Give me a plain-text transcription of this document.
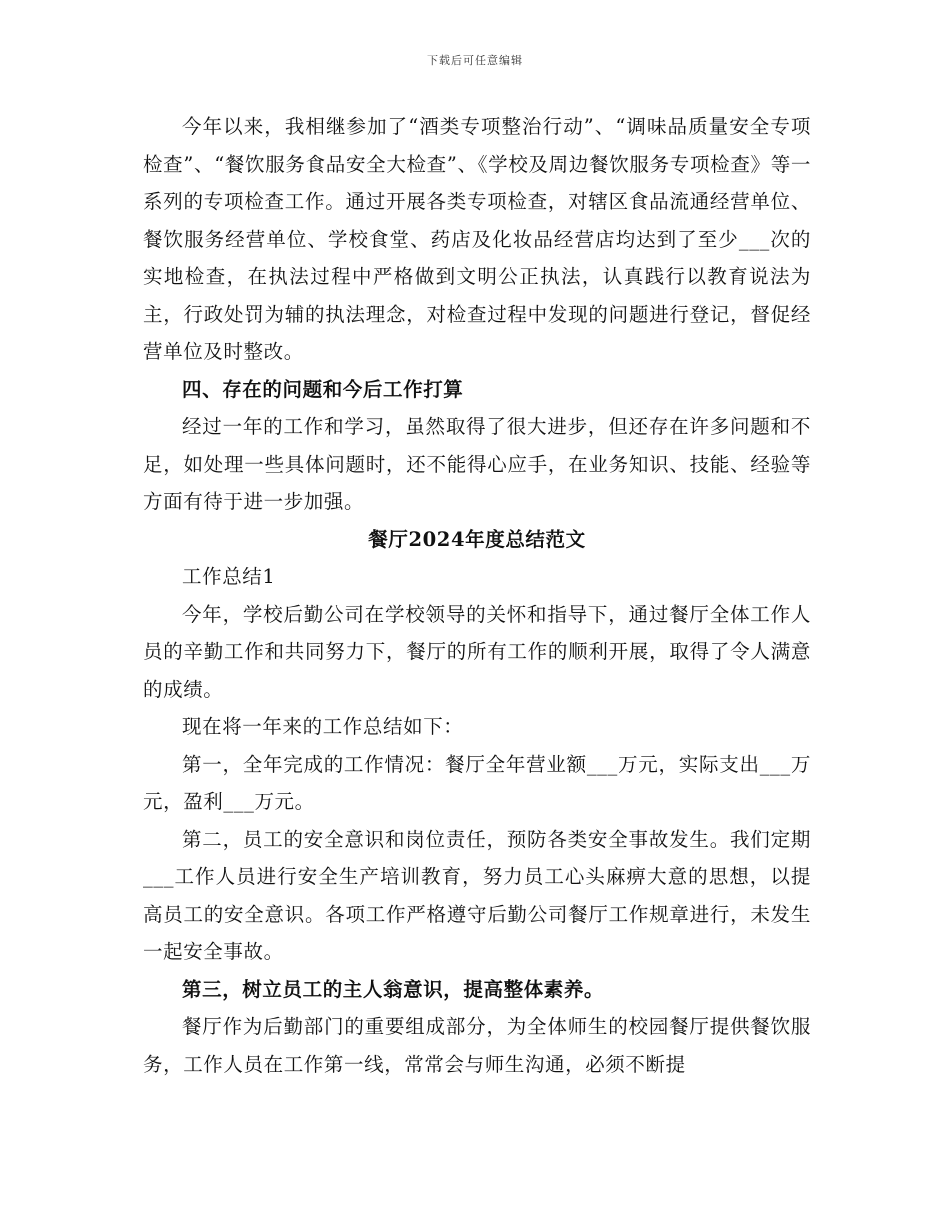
下载后可任意编辑

今年以来，我相继参加了“酒类专项整治行动”、“调味品质量安全专项检查”、“餐饮服务食品安全大检查”、《学校及周边餐饮服务专项检查》等一系列的专项检查工作。通过开展各类专项检查，对辖区食品流通经营单位、餐饮服务经营单位、学校食堂、药店及化妆品经营店均达到了至少___次的实地检查，在执法过程中严格做到文明公正执法，认真践行以教育说法为主，行政处罚为辅的执法理念，对检查过程中发现的问题进行登记，督促经营单位及时整改。

四、存在的问题和今后工作打算

经过一年的工作和学习，虽然取得了很大进步，但还存在许多问题和不足，如处理一些具体问题时，还不能得心应手，在业务知识、技能、经验等方面有待于进一步加强。

餐厅2024年度总结范文

工作总结1

今年，学校后勤公司在学校领导的关怀和指导下，通过餐厅全体工作人员的辛勤工作和共同努力下，餐厅的所有工作的顺利开展，取得了令人满意的成绩。

现在将一年来的工作总结如下：

第一，全年完成的工作情况：餐厅全年营业额___万元，实际支出___万元，盈利___万元。

第二，员工的安全意识和岗位责任，预防各类安全事故发生。我们定期___工作人员进行安全生产培训教育，努力员工心头麻痹大意的思想，以提高员工的安全意识。各项工作严格遵守后勤公司餐厅工作规章进行，未发生一起安全事故。

第三，树立员工的主人翁意识，提高整体素养。

餐厅作为后勤部门的重要组成部分，为全体师生的校园餐厅提供餐饮服务，工作人员在工作第一线，常常会与师生沟通，必须不断提
